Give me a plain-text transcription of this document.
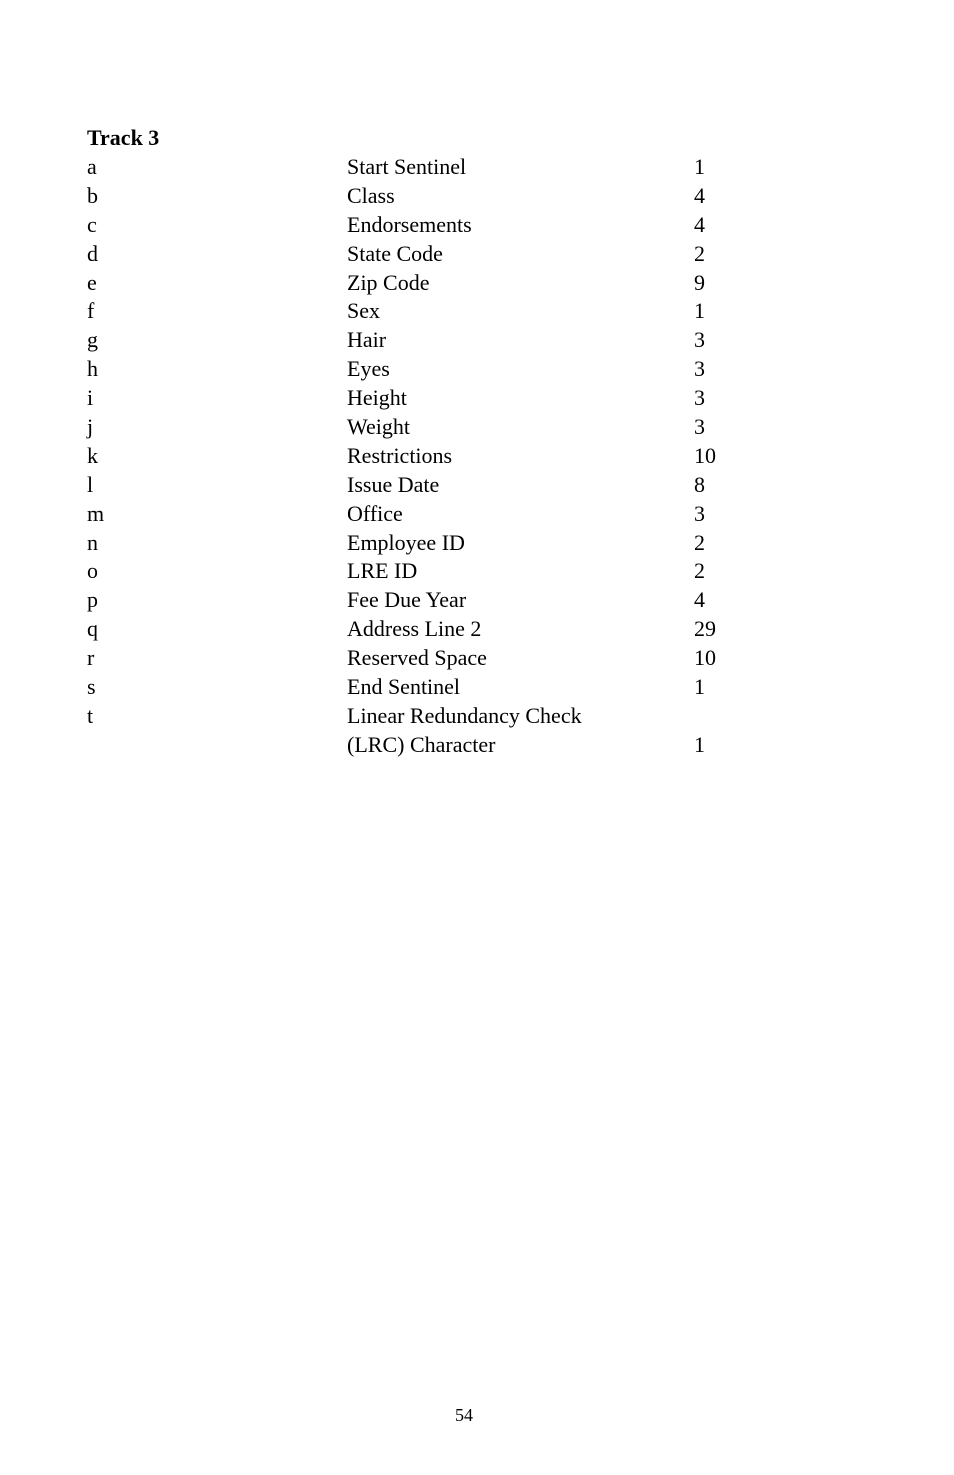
Track 3
a	Start Sentinel	1
b	Class	4
c	Endorsements	4
d	State Code	2
e	Zip Code	9
f	Sex	1
g	Hair	3
h	Eyes	3
i	Height	3
j	Weight	3
k	Restrictions	10
l	Issue Date	8
m	Office	3
n	Employee ID	2
o	LRE ID	2
p	Fee Due Year	4
q	Address Line 2	29
r	Reserved Space	10
s	End Sentinel	1
t	Linear Redundancy Check
(LRC) Character	1
54
